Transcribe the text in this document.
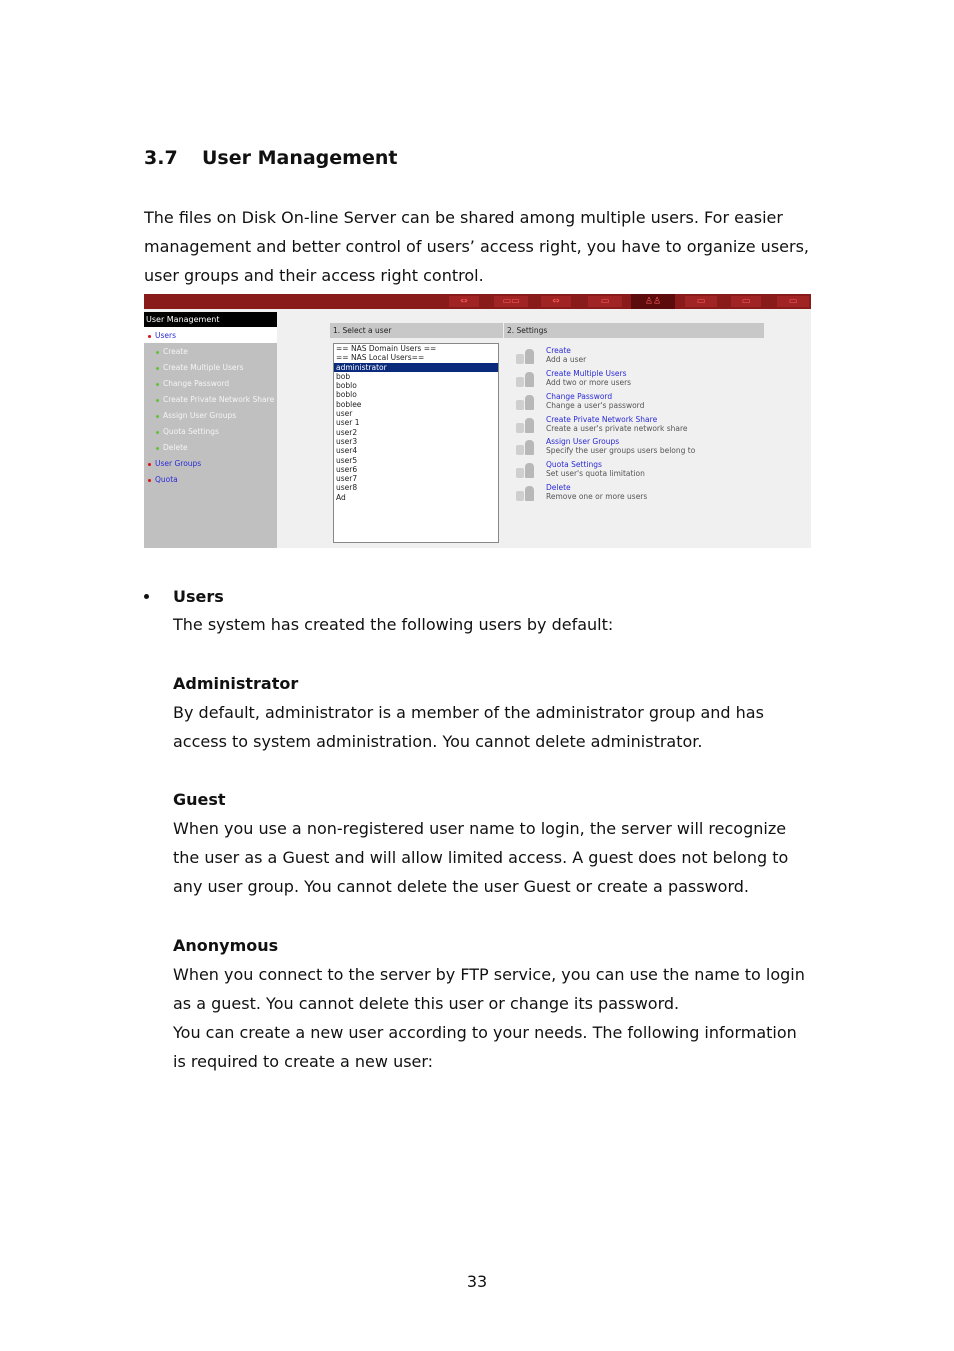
3.7 User Management
The files on Disk On-line Server can be shared among multiple users. For easier
management and better control of users’ access right, you have to organize users,
user groups and their access right control.
⇔	▭▭	⇔	▭	♙♙	▭	▭	▭
User Management
Users
Create
Create Multiple Users
Change Password
Create Private Network Share
Assign User Groups
Quota Settings
Delete
User Groups
Quota
1. Select a user	2. Settings
== NAS Domain Users ==
== NAS Local Users==
administrator
bob
boblo
boblo
boblee
user
user 1
user2
user3
user4
user5
user6
user7
user8
Ad
Create
Add a user
Create Multiple Users
Add two or more users
Change Password
Change a user's password
Create Private Network Share
Create a user's private network share
Assign User Groups
Specify the user groups users belong to
Quota Settings
Set user's quota limitation
Delete
Remove one or more users
Users
The system has created the following users by default:
Administrator
By default, administrator is a member of the administrator group and has
access to system administration. You cannot delete administrator.
Guest
When you use a non-registered user name to login, the server will recognize
the user as a Guest and will allow limited access. A guest does not belong to
any user group. You cannot delete the user Guest or create a password.
Anonymous
When you connect to the server by FTP service, you can use the name to login
as a guest. You cannot delete this user or change its password.
You can create a new user according to your needs. The following information
is required to create a new user:
33
